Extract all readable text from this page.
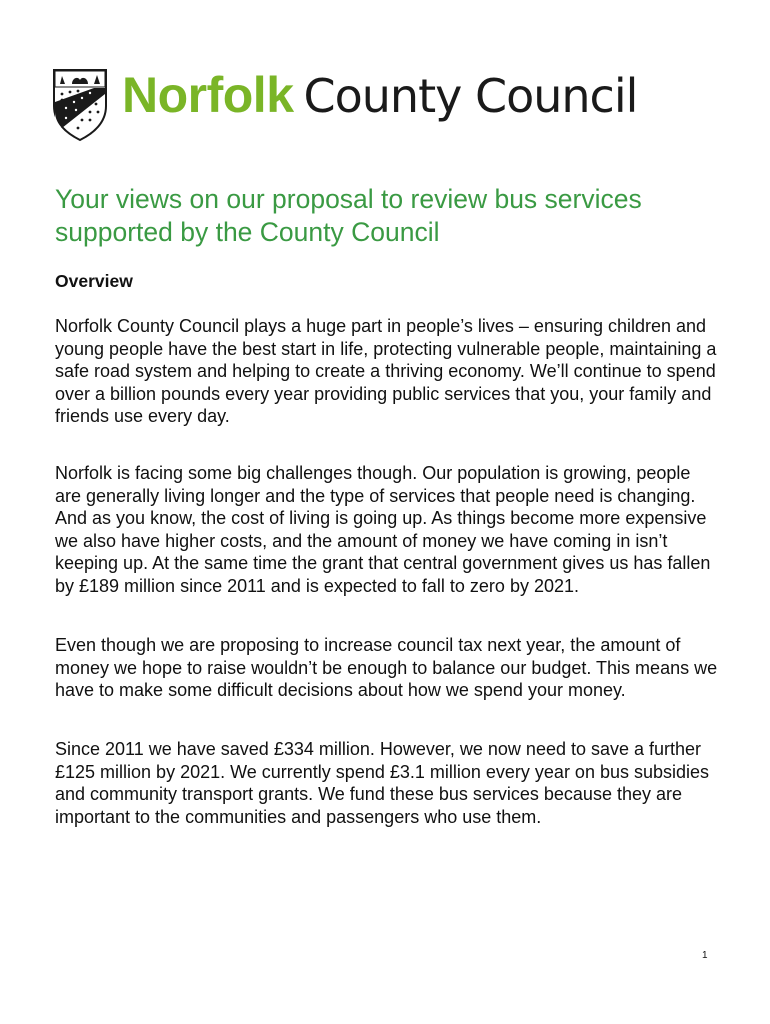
Norfolk County Council
Your views on our proposal to review bus services supported by the County Council
Overview

Norfolk County Council plays a huge part in people’s lives – ensuring children and young people have the best start in life, protecting vulnerable people, maintaining a safe road system and helping to create a thriving economy. We’ll continue to spend over a billion pounds every year providing public services that you, your family and friends use every day.

Norfolk is facing some big challenges though. Our population is growing, people are generally living longer and the type of services that people need is changing. And as you know, the cost of living is going up. As things become more expensive we also have higher costs, and the amount of money we have coming in isn’t keeping up. At the same time the grant that central government gives us has fallen by £189 million since 2011 and is expected to fall to zero by 2021.

Even though we are proposing to increase council tax next year, the amount of money we hope to raise wouldn’t be enough to balance our budget. This means we have to make some difficult decisions about how we spend your money.

Since 2011 we have saved £334 million. However, we now need to save a further £125 million by 2021. We currently spend £3.1 million every year on bus subsidies and community transport grants. We fund these bus services because they are important to the communities and passengers who use them.

1
